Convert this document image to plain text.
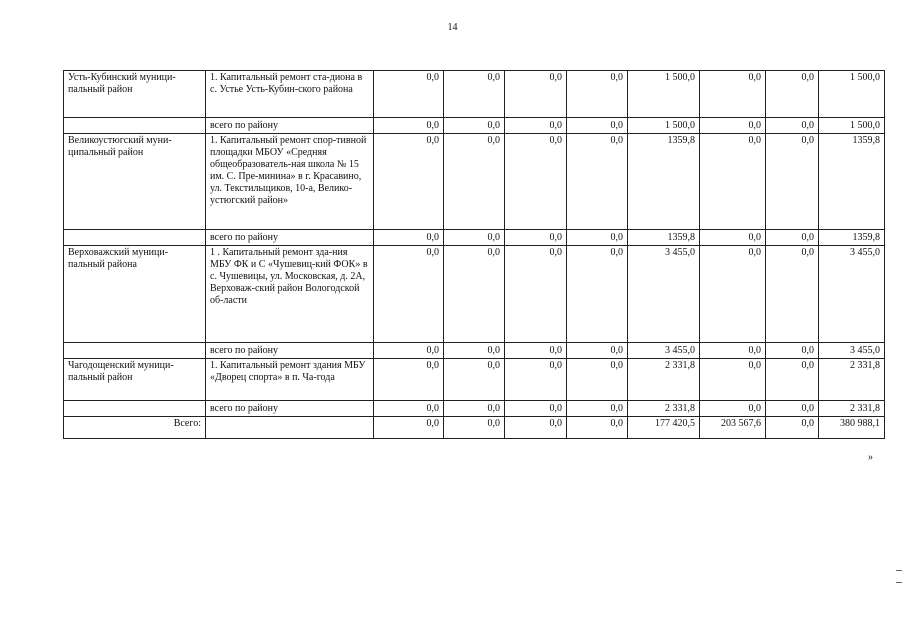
14
Усть-Кубинский муници-пальный район	1. Капитальный ремонт ста-диона в с. Устье Усть-Кубин-ского района	0,0	0,0	0,0	0,0	1 500,0	0,0	0,0	1 500,0
	всего по району	0,0	0,0	0,0	0,0	1 500,0	0,0	0,0	1 500,0
Великоустюгский муни-ципальный район	1. Капитальный ремонт спор-тивной площадки МБОУ «Средняя общеобразователь-ная школа № 15 им. С. Пре-минина» в г. Красавино, ул. Текстильщиков, 10-а, Велико-устюгский район»	0,0	0,0	0,0	0,0	1359,8	0,0	0,0	1359,8
	всего по району	0,0	0,0	0,0	0,0	1359,8	0,0	0,0	1359,8
Верховажский муници-пальный района	1 . Капитальный ремонт зда-ния МБУ ФК и С «Чушевиц-кий ФОК» в с. Чушевицы, ул. Московская, д. 2А, Верховаж-ский район Вологодской об-ласти	0,0	0,0	0,0	0,0	3 455,0	0,0	0,0	3 455,0
	всего по району	0,0	0,0	0,0	0,0	3 455,0	0,0	0,0	3 455,0
Чагодощенский муници-пальный район	1. Капитальный ремонт здания МБУ «Дворец спорта» в п. Ча-года	0,0	0,0	0,0	0,0	2 331,8	0,0	0,0	2 331,8
	всего по району	0,0	0,0	0,0	0,0	2 331,8	0,0	0,0	2 331,8
Всего:		0,0	0,0	0,0	0,0	177 420,5	203 567,6	0,0	380 988,1
»
